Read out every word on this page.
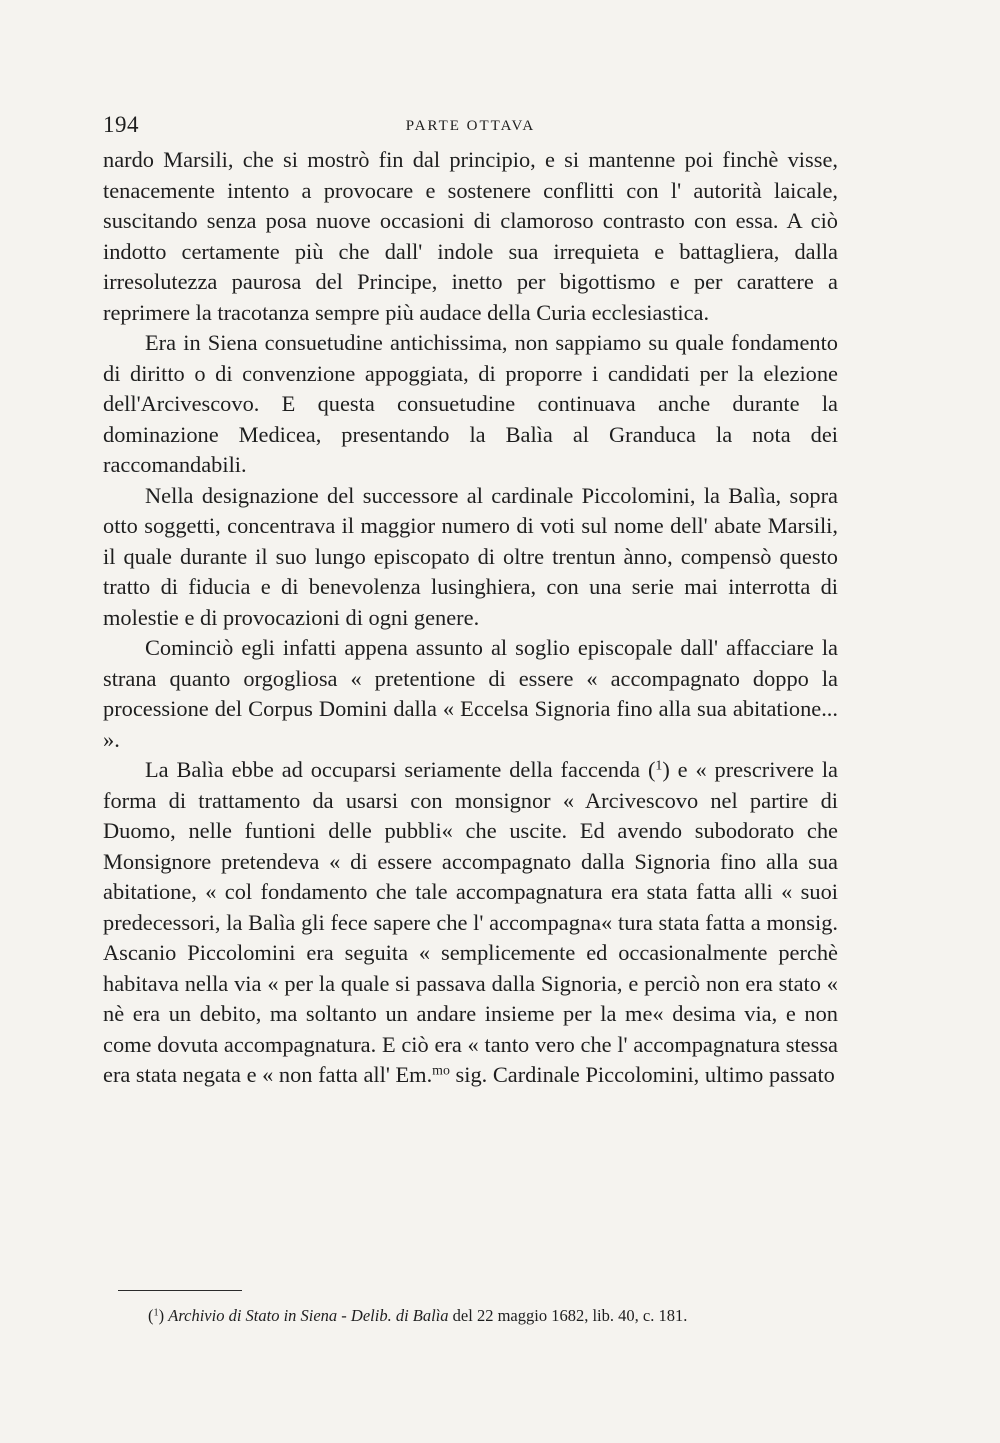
194	PARTE OTTAVA

nardo Marsili, che si mostrò fin dal principio, e si mantenne poi finchè visse, tenacemente intento a provocare e sostenere conflitti con l' autorità laicale, suscitando senza posa nuove occasioni di clamoroso contrasto con essa. A ciò indotto certamente più che dall' indole sua irrequieta e battagliera, dalla irresolutezza paurosa del Principe, inetto per bigottismo e per carattere a reprimere la tracotanza sempre più audace della Curia ecclesiastica.

Era in Siena consuetudine antichissima, non sappiamo su quale fondamento di diritto o di convenzione appoggiata, di proporre i candidati per la elezione dell'Arcivescovo. E questa consuetudine continuava anche durante la dominazione Medicea, presentando la Balìa al Granduca la nota dei raccomandabili.

Nella designazione del successore al cardinale Piccolomini, la Balìa, sopra otto soggetti, concentrava il maggior numero di voti sul nome dell' abate Marsili, il quale durante il suo lungo episcopato di oltre trentun ànno, compensò questo tratto di fiducia e di benevolenza lusinghiera, con una serie mai interrotta di molestie e di provocazioni di ogni genere.

Cominciò egli infatti appena assunto al soglio episcopale dall' affacciare la strana quanto orgogliosa « pretentione di essere « accompagnato doppo la processione del Corpus Domini dalla « Eccelsa Signoria fino alla sua abitatione... ».

La Balìa ebbe ad occuparsi seriamente della faccenda ($^1$) e « prescrivere la forma di trattamento da usarsi con monsignor « Arcivescovo nel partire di Duomo, nelle funtioni delle pubbli« che uscite. Ed avendo subodorato che Monsignore pretendeva « di essere accompagnato dalla Signoria fino alla sua abitatione, « col fondamento che tale accompagnatura era stata fatta alli « suoi predecessori, la Balìa gli fece sapere che l' accompagna« tura stata fatta a monsig. Ascanio Piccolomini era seguita « semplicemente ed occasionalmente perchè habitava nella via « per la quale si passava dalla Signoria, e perciò non era stato « nè era un debito, ma soltanto un andare insieme per la me« desima via, e non come dovuta accompagnatura. E ciò era « tanto vero che l' accompagnatura stessa era stata negata e « non fatta all' Em.$^{mo}$ sig. Cardinale Piccolomini, ultimo passato

($^1$) Archivio di Stato in Siena - Delib. di Balìa del 22 maggio 1682, lib. 40, c. 181.
